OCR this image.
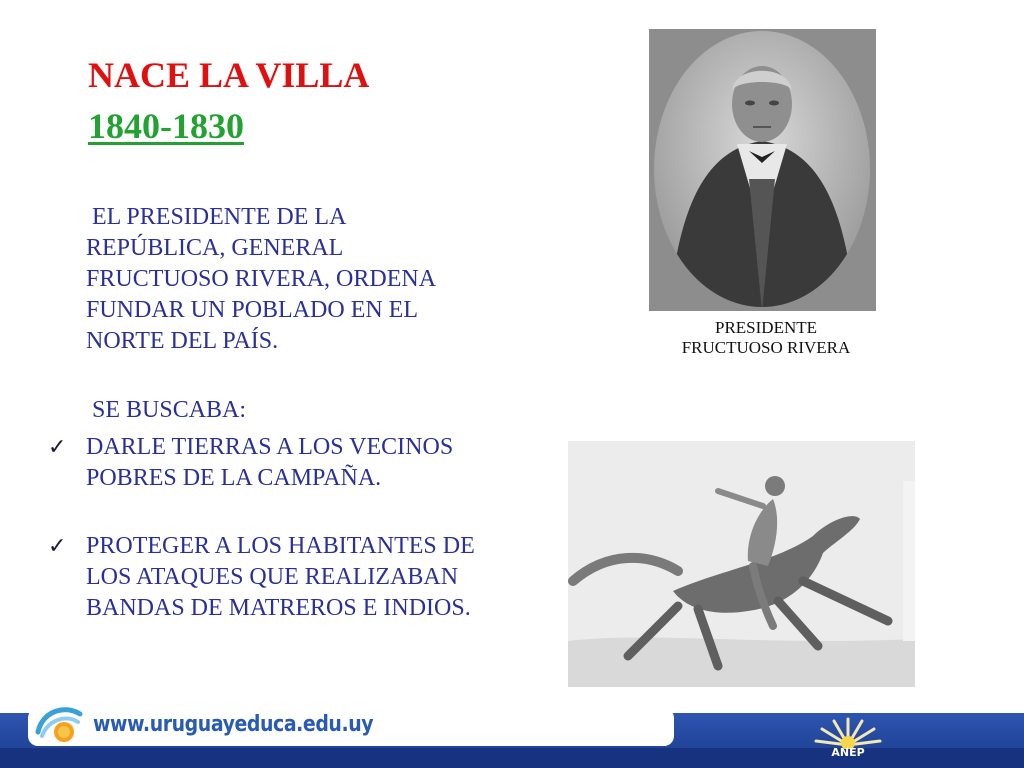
NACE LA VILLA
1840-1830

EL PRESIDENTE DE LA REPÚBLICA, GENERAL FRUCTUOSO RIVERA, ORDENA FUNDAR UN POBLADO EN EL NORTE DEL PAÍS.

SE BUSCABA:

✓ DARLE TIERRAS A LOS VECINOS POBRES DE LA CAMPAÑA.
✓ PROTEGER A LOS HABITANTES DE LOS ATAQUES QUE REALIZABAN BANDAS DE MATREROS E INDIOS.
PRESIDENTE
FRUCTUOSO RIVERA

www.uruguayeduca.edu.uy

ANEP
